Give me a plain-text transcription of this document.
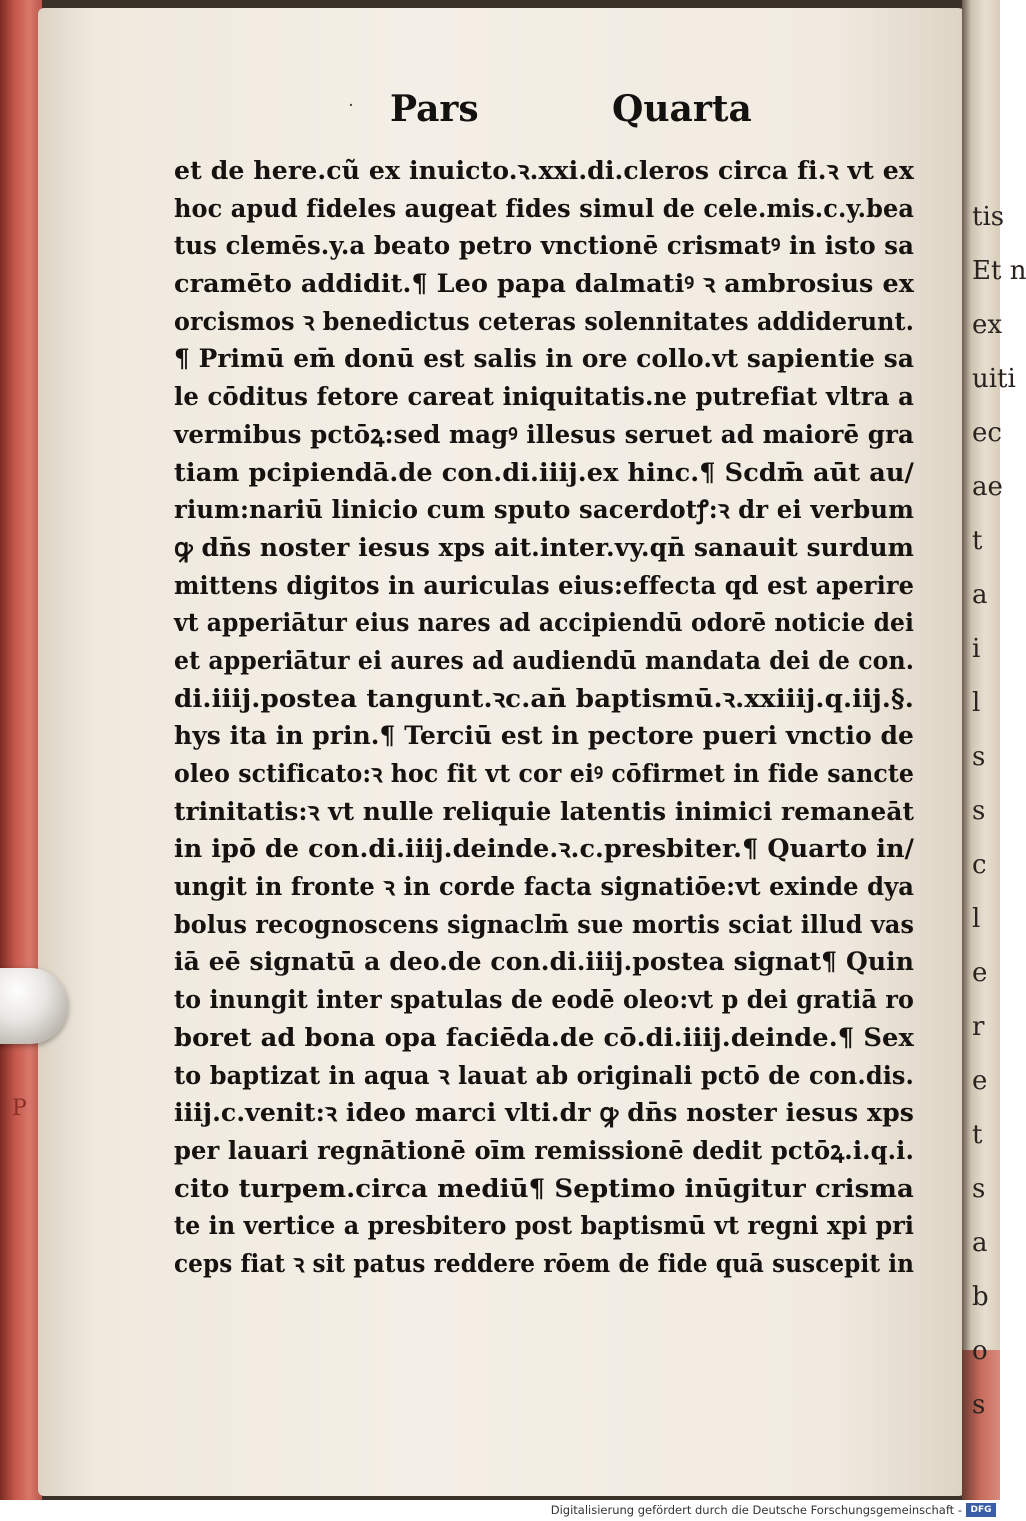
tis
Et n
ex
uiti
ec
ae
t
a
i
l
s
s
c
l
e
r
e
t
s
a
b
o
s
P
˙ Pars	Quarta
et de here.cũ ex inuicto.ꝛ.xxi.di.cleros circa fi.ꝛ vt ex
hoc apud fideles augeat fides simul de cele.mis.c.y.bea
tus clemēs.y.a beato petro vnctionē crismatꝰ in isto sa
cramēto addidit.¶ Leo papa dalmatiꝰ ꝛ ambrosius ex
orcismos ꝛ benedictus ceteras solennitates addiderunt.
¶ Primū em̄ donū est salis in ore collo.vt sapientie sa
le cōditus fetore careat iniquitatis.ne putrefiat vltra a
vermibus pctōꝝ:sed magꝰ illesus seruet ad maiorē gra
tiam pcipiendā.de con.di.iiij.ex hinc.¶ Scdm̄ aūt au/
rium:nariū linicio cum sputo sacerdotꝭ:ꝛ dr ei verbum
ꝙ dn̄s noster iesus xps ait.inter.vy.qn̄ sanauit surdum
mittens digitos in auriculas eius:effecta qd est aperire
vt apperiātur eius nares ad accipiendū odorē noticie dei
et apperiātur ei aures ad audiendū mandata dei de con.
di.iiij.postea tangunt.ꝛc.an̄ baptismū.ꝛ.xxiiij.q.iij.§.
hys ita in prin.¶ Terciū est in pectore pueri vnctio de
oleo sctificato:ꝛ hoc fit vt cor eiꝰ cōfirmet in fide sancte
trinitatis:ꝛ vt nulle reliquie latentis inimici remaneāt
in ipō de con.di.iiij.deinde.ꝛ.c.presbiter.¶ Quarto in/
ungit in fronte ꝛ in corde facta signatiōe:vt exinde dya
bolus recognoscens signaclm̄ sue mortis sciat illud vas
iā eē signatū a deo.de con.di.iiij.postea signat¶ Quin
to inungit inter spatulas de eodē oleo:vt p dei gratiā ro
boret ad bona opa faciēda.de cō.di.iiij.deinde.¶ Sex
to baptizat in aqua ꝛ lauat ab originali pctō de con.dis.
iiij.c.venit:ꝛ ideo marci vlti.dr ꝙ dn̄s noster iesus xps
per lauari regnātionē oīm remissionē dedit pctōꝝ.i.q.i.
cito turpem.circa mediū¶ Septimo inūgitur crisma
te in vertice a presbitero post baptismū vt regni xpi pri
ceps fiat ꝛ sit patus reddere rōem de fide quā suscepit in
Digitalisierung gefördert durch die Deutsche Forschungsgemeinschaft - DFG
